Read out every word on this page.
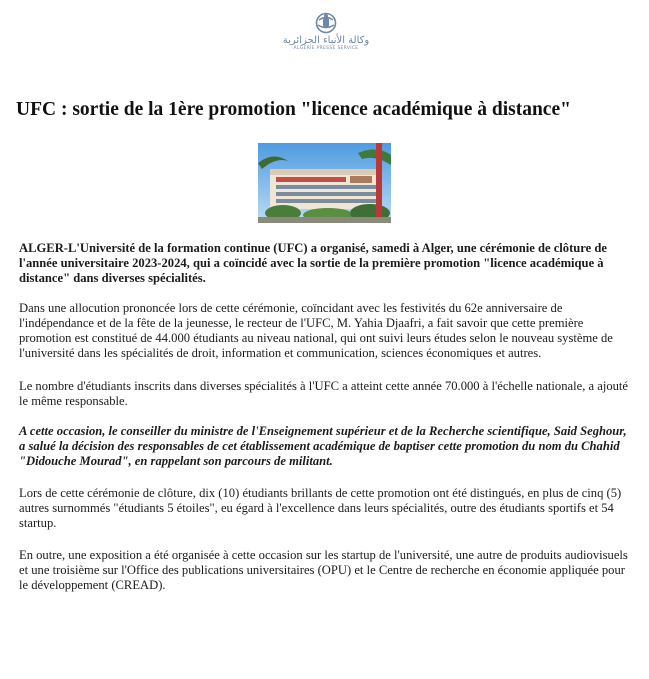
وكالة الأنباء الجزائرية
ALGERIE PRESSE SERVICE
UFC : sortie de la 1ère promotion "licence académique à distance"

ALGER-L'Université de la formation continue (UFC) a organisé, samedi à Alger, une cérémonie de clôture de l'année universitaire 2023-2024, qui a coïncidé avec la sortie de la première promotion "licence académique à distance" dans diverses spécialités.

Dans une allocution prononcée lors de cette cérémonie, coïncidant avec les festivités du 62e anniversaire de l'indépendance et de la fête de la jeunesse, le recteur de l'UFC, M. Yahia Djaafri, a fait savoir que cette première promotion est constitué de 44.000 étudiants au niveau national, qui ont suivi leurs études selon le nouveau système de l'université dans les spécialités de droit, information et communication, sciences économiques et autres.

Le nombre d'étudiants inscrits dans diverses spécialités à l'UFC a atteint cette année 70.000 à l'échelle nationale, a ajouté le même responsable.

A cette occasion, le conseiller du ministre de l'Enseignement supérieur et de la Recherche scientifique, Said Seghour, a salué la décision des responsables de cet établissement académique de baptiser cette promotion du nom du Chahid "Didouche Mourad", en rappelant son parcours de militant.

Lors de cette cérémonie de clôture, dix (10) étudiants brillants de cette promotion ont été distingués, en plus de cinq (5) autres surnommés "étudiants 5 étoiles", eu égard à l'excellence dans leurs spécialités, outre des étudiants sportifs et 54 startup.

En outre, une exposition a été organisée à cette occasion sur les startup de l'université, une autre de produits audiovisuels et une troisième sur l'Office des publications universitaires (OPU) et le Centre de recherche en économie appliquée pour le développement (CREAD).
